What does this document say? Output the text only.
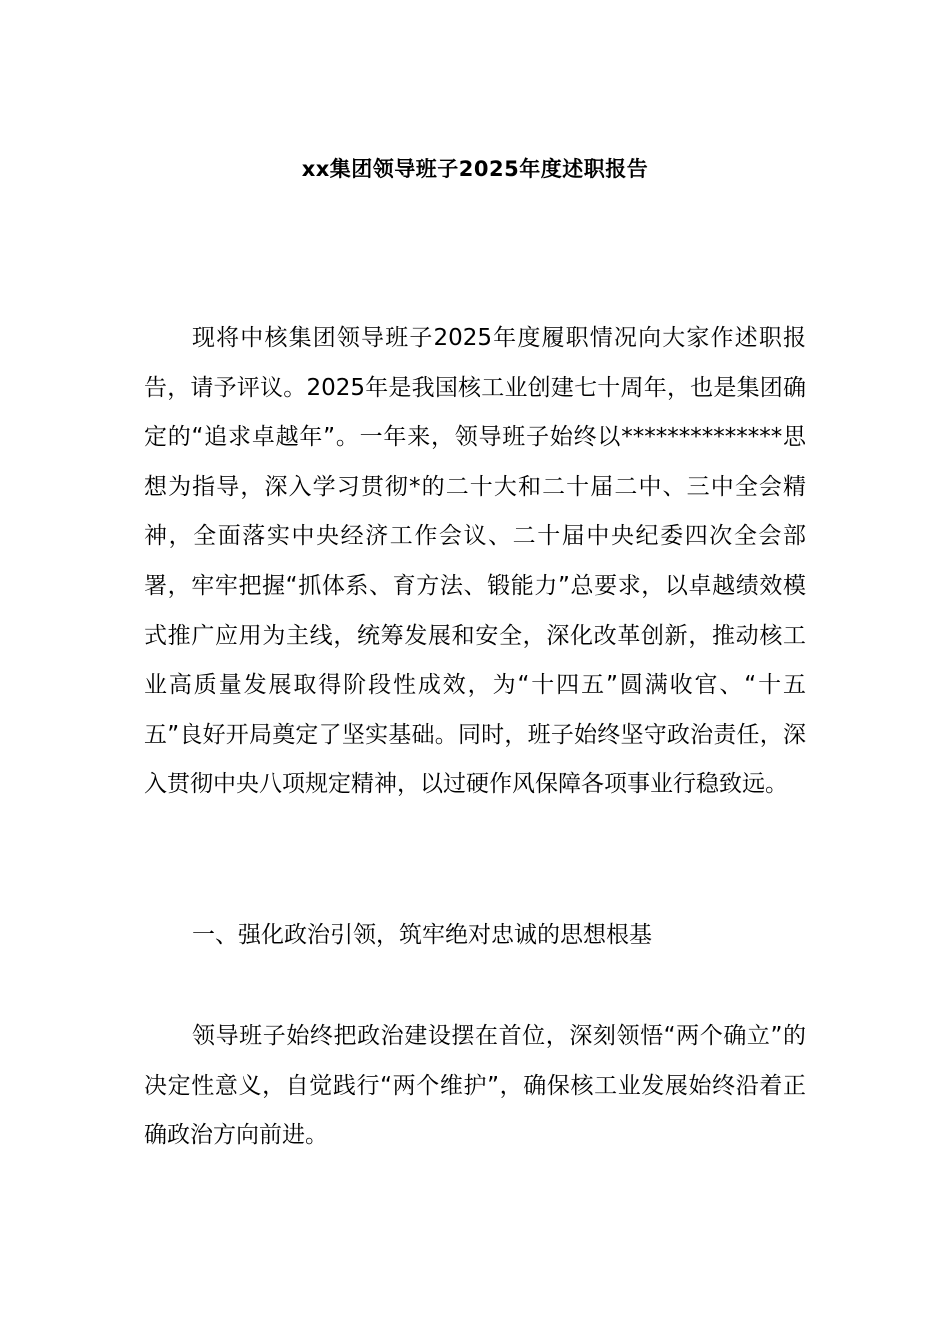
xx集团领导班子2025年度述职报告

现将中核集团领导班子2025年度履职情况向大家作述职报告，请予评议。2025年是我国核工业创建七十周年，也是集团确定的“追求卓越年”。一年来，领导班子始终以**************思想为指导，深入学习贯彻*的二十大和二十届二中、三中全会精神，全面落实中央经济工作会议、二十届中央纪委四次全会部署，牢牢把握“抓体系、育方法、锻能力”总要求，以卓越绩效模式推广应用为主线，统筹发展和安全，深化改革创新，推动核工业高质量发展取得阶段性成效，为“十四五”圆满收官、“十五五”良好开局奠定了坚实基础。同时，班子始终坚守政治责任，深入贯彻中央八项规定精神，以过硬作风保障各项事业行稳致远。

一、强化政治引领，筑牢绝对忠诚的思想根基

领导班子始终把政治建设摆在首位，深刻领悟“两个确立”的决定性意义，自觉践行“两个维护”，确保核工业发展始终沿着正确政治方向前进。
